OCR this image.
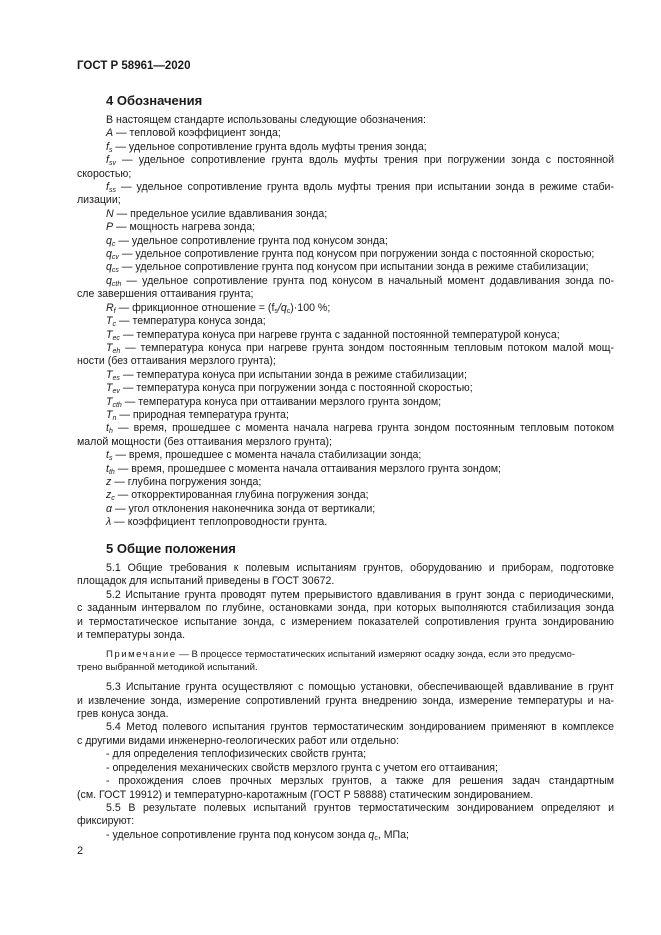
ГОСТ Р 58961—2020
4 Обозначения
В настоящем стандарте использованы следующие обозначения:
A — тепловой коэффициент зонда;
$f_s$ — удельное сопротивление грунта вдоль муфты трения зонда;
$f_{sv}$ — удельное сопротивление грунта вдоль муфты трения при погружении зонда с постоянной
скоростью;
$f_{ss}$ — удельное сопротивление грунта вдоль муфты трения при испытании зонда в режиме стаби-
лизации;
N — предельное усилие вдавливания зонда;
P — мощность нагрева зонда;
$q_c$ — удельное сопротивление грунта под конусом зонда;
$q_{cv}$ — удельное сопротивление грунта под конусом при погружении зонда с постоянной скоростью;
$q_{cs}$ — удельное сопротивление грунта под конусом при испытании зонда в режиме стабилизации;
$q_{cth}$ — удельное сопротивление грунта под конусом в начальный момент додавливания зонда по-
сле завершения оттаивания грунта;
$R_f$ — фрикционное отношение = $(f_s/q_c)\cdot 100$ %;
$T_c$ — температура конуса зонда;
$T_{ec}$ — температура конуса при нагреве грунта с заданной постоянной температурой конуса;
$T_{eh}$ — температура конуса при нагреве грунта зондом постоянным тепловым потоком малой мощ-
ности (без оттаивания мерзлого грунта);
$T_{es}$ — температура конуса при испытании зонда в режиме стабилизации;
$T_{ev}$ — температура конуса при погружении зонда с постоянной скоростью;
$T_{cth}$ — температура конуса при оттаивании мерзлого грунта зондом;
$T_n$ — природная температура грунта;
$t_h$ — время, прошедшее с момента начала нагрева грунта зондом постоянным тепловым потоком
малой мощности (без оттаивания мерзлого грунта);
$t_s$ — время, прошедшее с момента начала стабилизации зонда;
$t_{th}$ — время, прошедшее с момента начала оттаивания мерзлого грунта зондом;
z — глубина погружения зонда;
$z_c$ — откорректированная глубина погружения зонда;
α — угол отклонения наконечника зонда от вертикали;
λ — коэффициент теплопроводности грунта.
5 Общие положения
5.1 Общие требования к полевым испытаниям грунтов, оборудованию и приборам, подготовке
площадок для испытаний приведены в ГОСТ 30672.
5.2 Испытание грунта проводят путем прерывистого вдавливания в грунт зонда с периодическими,
с заданным интервалом по глубине, остановками зонда, при которых выполняются стабилизация зонда
и термостатическое испытание зонда, с измерением показателей сопротивления грунта зондированию
и температуры зонда.
Примечание — В процессе термостатических испытаний измеряют осадку зонда, если это предусмо-
трено выбранной методикой испытаний.
5.3 Испытание грунта осуществляют с помощью установки, обеспечивающей вдавливание в грунт
и извлечение зонда, измерение сопротивлений грунта внедрению зонда, измерение температуры и на-
грев конуса зонда.
5.4 Метод полевого испытания грунтов термостатическим зондированием применяют в комплексе
с другими видами инженерно-геологических работ или отдельно:
- для определения теплофизических свойств грунта;
- определения механических свойств мерзлого грунта с учетом его оттаивания;
- прохождения слоев прочных мерзлых грунтов, а также для решения задач стандартным
(см. ГОСТ 19912) и температурно-каротажным (ГОСТ Р 58888) статическим зондированием.
5.5 В результате полевых испытаний грунтов термостатическим зондированием определяют и
фиксируют:
- удельное сопротивление грунта под конусом зонда $q_c$, МПа;
2
